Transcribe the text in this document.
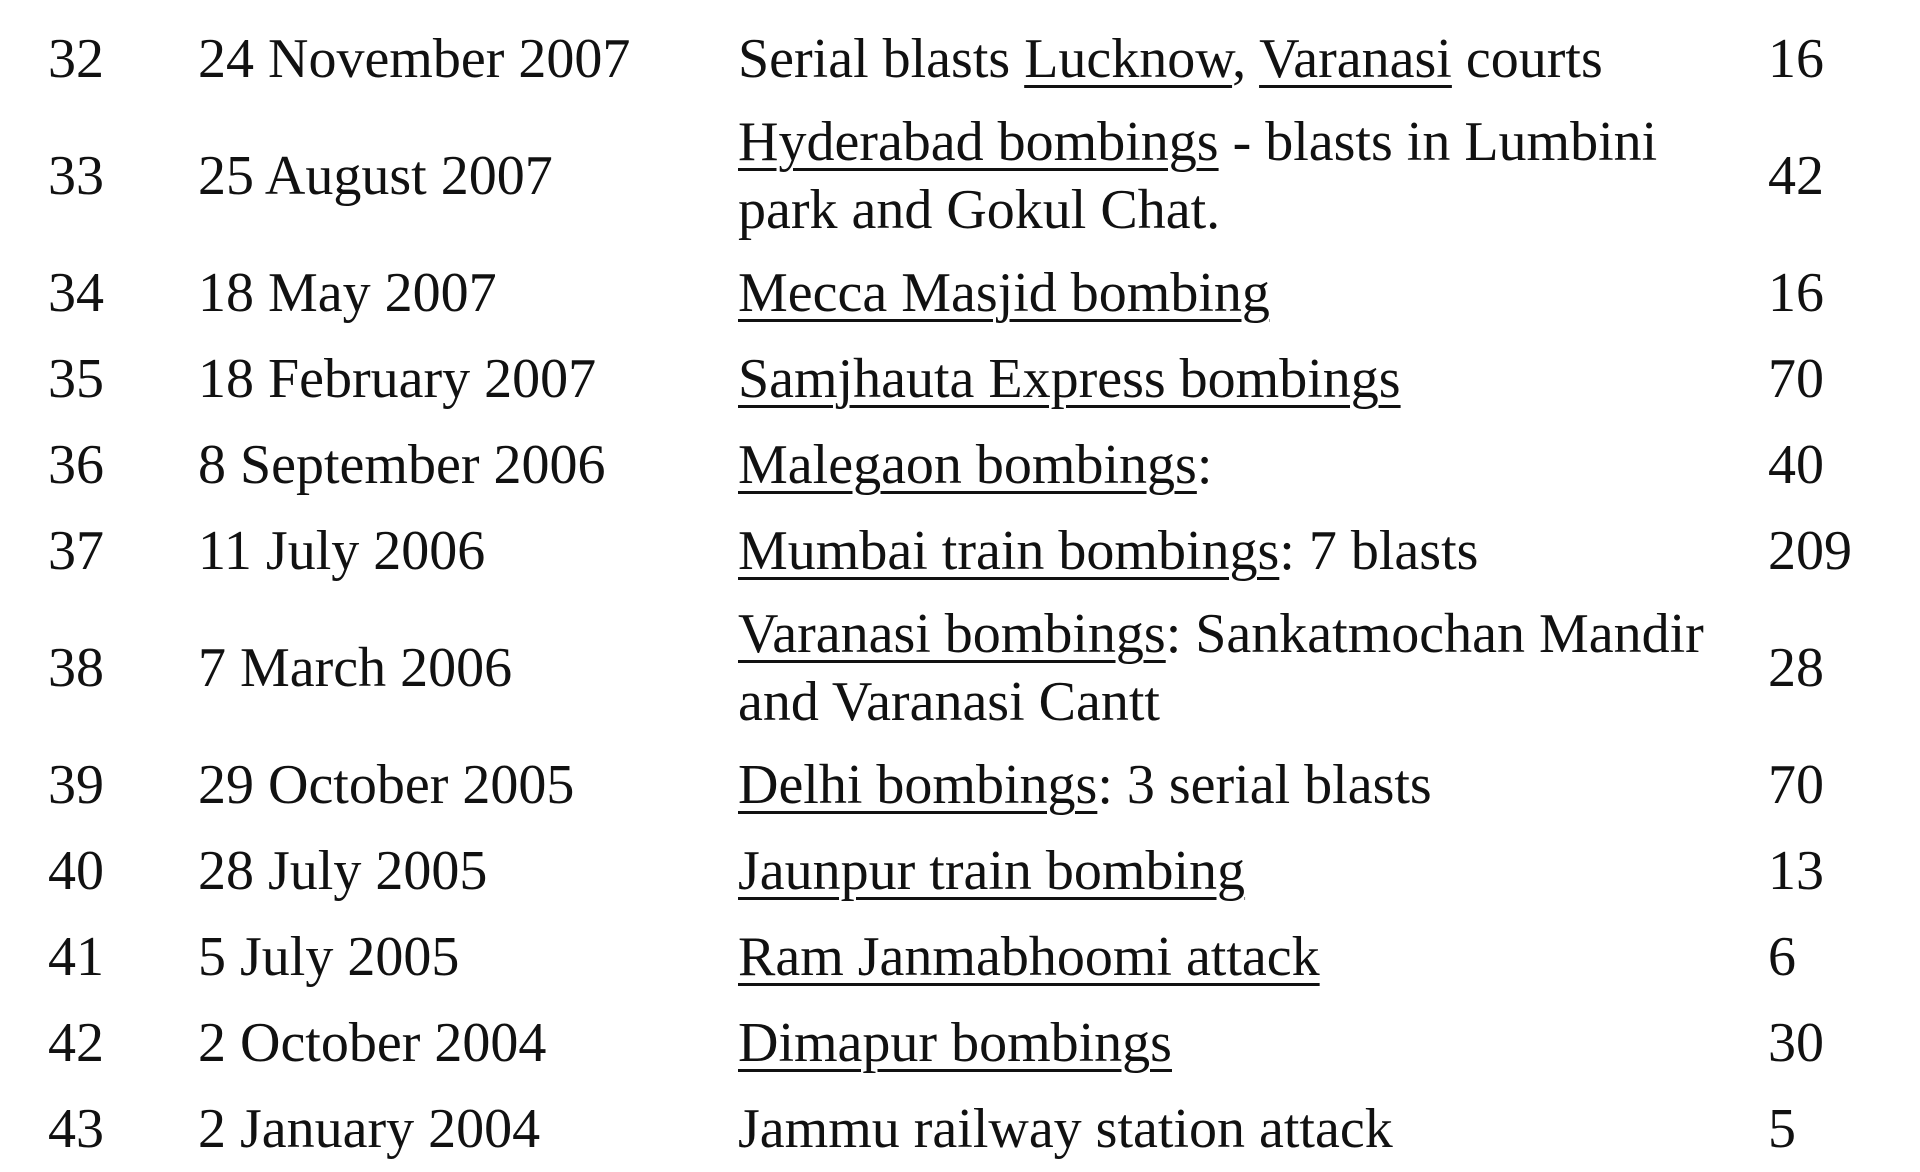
32	24 November 2007	Serial blasts Lucknow, Varanasi courts	16
33	25 August 2007	Hyderabad bombings - blasts in Lumbini park and Gokul Chat.	42
34	18 May 2007	Mecca Masjid bombing	16
35	18 February 2007	Samjhauta Express bombings	70
36	8 September 2006	Malegaon bombings:	40
37	11 July 2006	Mumbai train bombings: 7 blasts	209
38	7 March 2006	Varanasi bombings: Sankatmochan Mandir and Varanasi Cantt	28
39	29 October 2005	Delhi bombings: 3 serial blasts	70
40	28 July 2005	Jaunpur train bombing	13
41	5 July 2005	Ram Janmabhoomi attack	6
42	2 October 2004	Dimapur bombings	30
43	2 January 2004	Jammu railway station attack	5
